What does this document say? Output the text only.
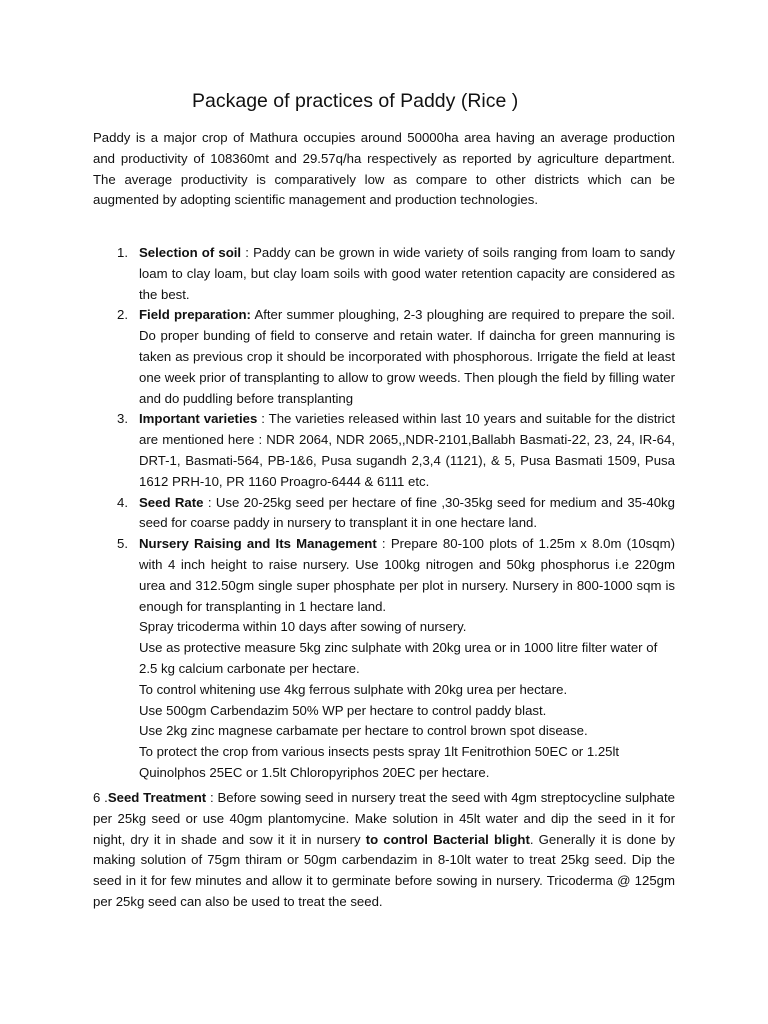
Package of practices of Paddy (Rice )

Paddy is a major crop of Mathura occupies around 50000ha area having an average production and productivity of 108360mt and 29.57q/ha respectively as reported by agriculture department. The average productivity is comparatively low as compare to other districts which can be augmented by adopting scientific management and production technologies.

1. Selection of soil : Paddy can be grown in wide variety of soils ranging from loam to sandy loam to clay loam, but clay loam soils with good water retention capacity are considered as the best.
2. Field preparation: After summer ploughing, 2-3 ploughing are required to prepare the soil. Do proper bunding of field to conserve and retain water. If daincha for green mannuring is taken as previous crop it should be incorporated with phosphorous. Irrigate the field at least one week prior of transplanting to allow to grow weeds. Then plough the field by filling water and do puddling before transplanting
3. Important varieties : The varieties released within last 10 years and suitable for the district are mentioned here : NDR 2064, NDR 2065,,NDR-2101,Ballabh Basmati-22, 23, 24, IR-64, DRT-1, Basmati-564, PB-1&6, Pusa sugandh 2,3,4 (1121), & 5, Pusa Basmati 1509, Pusa 1612 PRH-10, PR 1160 Proagro-6444 & 6111 etc.
4. Seed Rate : Use 20-25kg seed per hectare of fine ,30-35kg seed for medium and 35-40kg seed for coarse paddy in nursery to transplant it in one hectare land.
5. Nursery Raising and Its Management : Prepare 80-100 plots of 1.25m x 8.0m (10sqm) with 4 inch height to raise nursery. Use 100kg nitrogen and 50kg phosphorus i.e 220gm urea and 312.50gm single super phosphate per plot in nursery. Nursery in 800-1000 sqm is enough for transplanting in 1 hectare land.
Spray tricoderma within 10 days after sowing of nursery.
Use as protective measure 5kg zinc sulphate with 20kg urea or in 1000 litre filter water of 2.5 kg calcium carbonate per hectare.
To control whitening use 4kg ferrous sulphate with 20kg urea per hectare.
Use 500gm Carbendazim 50% WP per hectare to control paddy blast.
Use 2kg zinc magnese carbamate per hectare to control brown spot disease.
To protect the crop from various insects pests spray 1lt Fenitrothion 50EC or 1.25lt Quinolphos 25EC or 1.5lt Chloropyriphos 20EC per hectare.

6 .Seed Treatment : Before sowing seed in nursery treat the seed with 4gm streptocycline sulphate per 25kg seed or use 40gm plantomycine. Make solution in 45lt water and dip the seed in it for night, dry it in shade and sow it it in nursery to control Bacterial blight. Generally it is done by making solution of 75gm thiram or 50gm carbendazim in 8-10lt water to treat 25kg seed. Dip the seed in it for few minutes and allow it to germinate before sowing in nursery. Tricoderma @ 125gm per 25kg seed can also be used to treat the seed.
